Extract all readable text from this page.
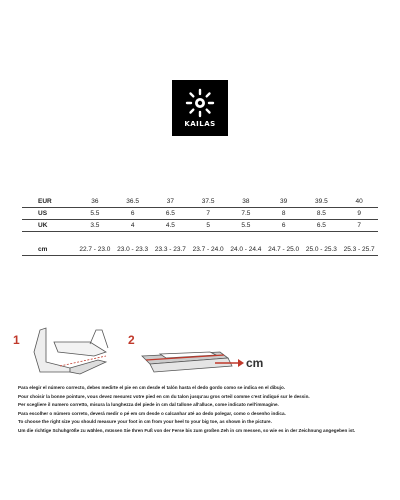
KAILAS
EUR	36	36.5	37	37.5	38	39	39.5	40
US	5.5	6	6.5	7	7.5	8	8.5	9
UK	3.5	4	4.5	5	5.5	6	6.5	7

cm	22.7 - 23.0	23.0 - 23.3	23.3 - 23.7	23.7 - 24.0	24.0 - 24.4	24.7 - 25.0	25.0 - 25.3	25.3 - 25.7
1	2
cm
Para elegir el número correcto, debes medirte el pie en cm desde el talón hasta el dedo gordo como se indica en el dibujo.
Pour choisir la bonne pointure, vous devez mesurez votre pied en cm du talon jusqu'au gros orteil comme c'est indiqué sur le dessin.
Per scegliere il numero corretto, misura la lunghezza del piede in cm dal tallone all'alluce, come indicato nell'immagine.
Para escolher o número correto, deverá medir o pé em cm desde o calcanhar até ao dedo polegar, como o desenho indica.
To choose the right size you should measure your foot in cm from your heel to your big toe, as shown in the picture.
Um die richtige Schuhgröße zu wählen, müssen Sie Ihren Fuß von der Ferse bis zum großen Zeh in cm messen, so wie es in der Zeichnung angegeben ist.
